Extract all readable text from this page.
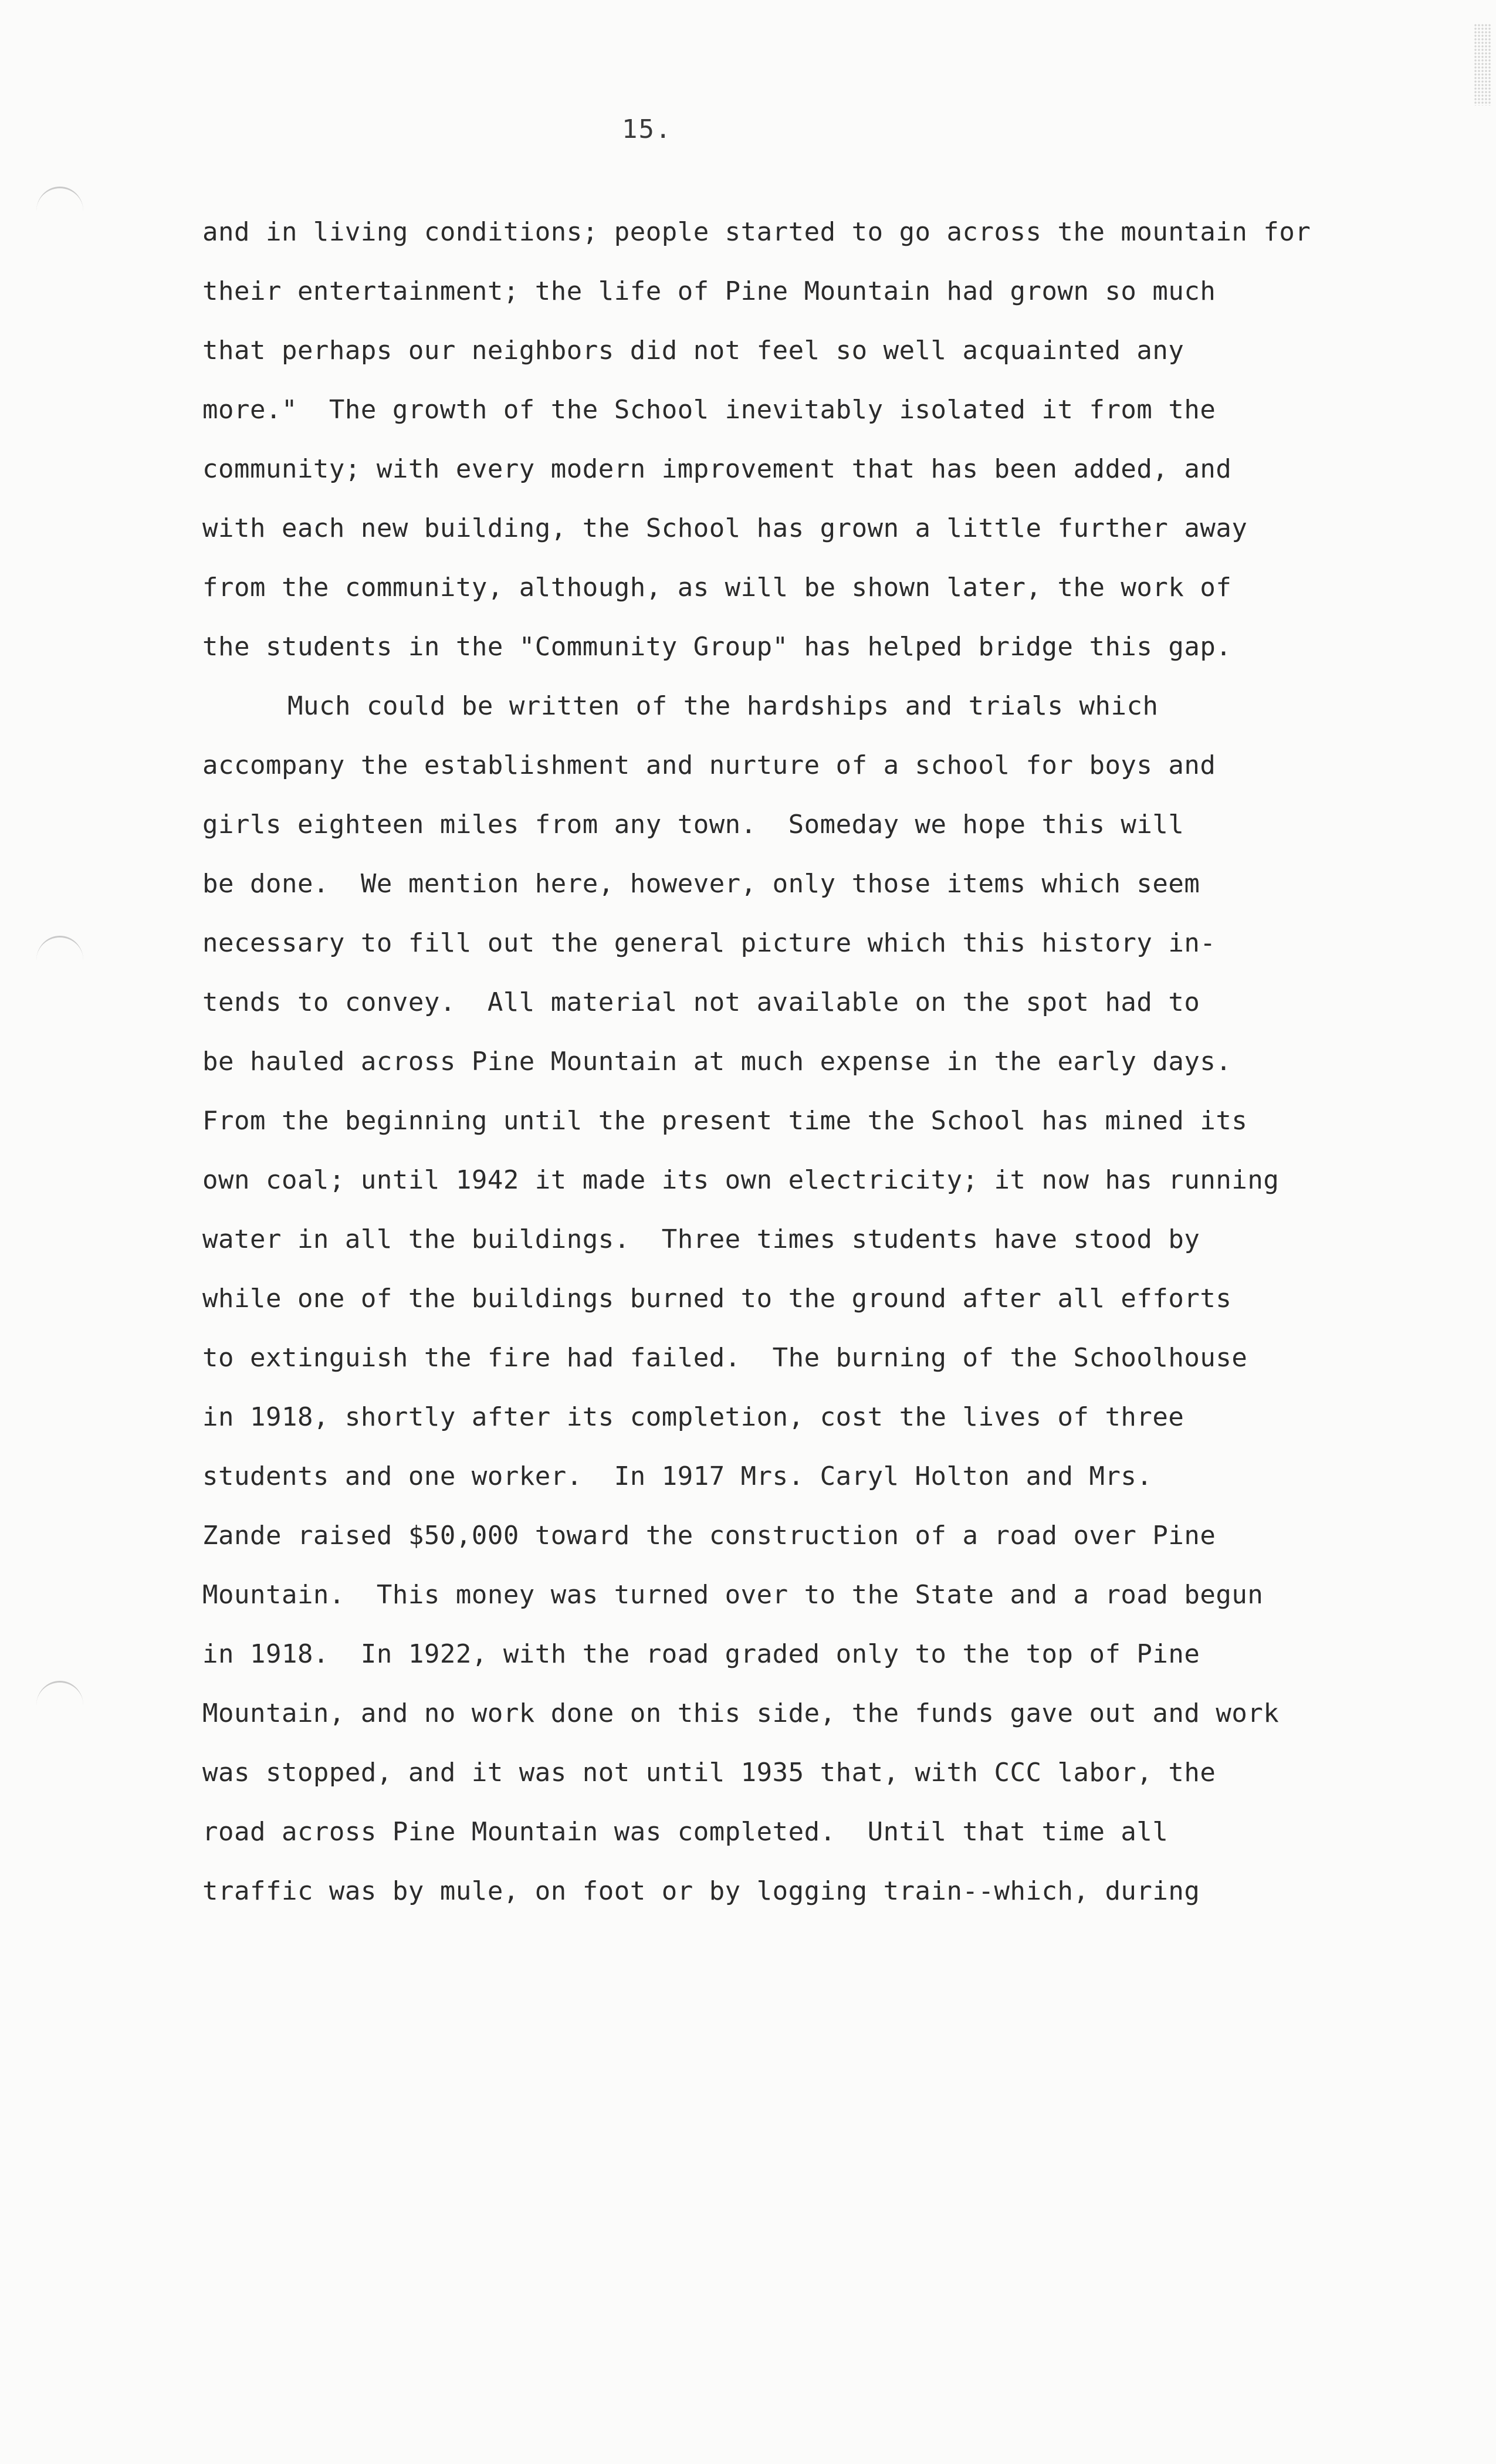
15.
and in living conditions; people started to go across the mountain for
their entertainment; the life of Pine Mountain had grown so much
that perhaps our neighbors did not feel so well acquainted any
more."  The growth of the School inevitably isolated it from the
community; with every modern improvement that has been added, and
with each new building, the School has grown a little further away
from the community, although, as will be shown later, the work of
the students in the "Community Group" has helped bridge this gap.
Much could be written of the hardships and trials which
accompany the establishment and nurture of a school for boys and
girls eighteen miles from any town.  Someday we hope this will
be done.  We mention here, however, only those items which seem
necessary to fill out the general picture which this history in-
tends to convey.  All material not available on the spot had to
be hauled across Pine Mountain at much expense in the early days.
From the beginning until the present time the School has mined its
own coal; until 1942 it made its own electricity; it now has running
water in all the buildings.  Three times students have stood by
while one of the buildings burned to the ground after all efforts
to extinguish the fire had failed.  The burning of the Schoolhouse
in 1918, shortly after its completion, cost the lives of three
students and one worker.  In 1917 Mrs. Caryl Holton and Mrs.
Zande raised $50,000 toward the construction of a road over Pine
Mountain.  This money was turned over to the State and a road begun
in 1918.  In 1922, with the road graded only to the top of Pine
Mountain, and no work done on this side, the funds gave out and work
was stopped, and it was not until 1935 that, with CCC labor, the
road across Pine Mountain was completed.  Until that time all
traffic was by mule, on foot or by logging train--which, during
